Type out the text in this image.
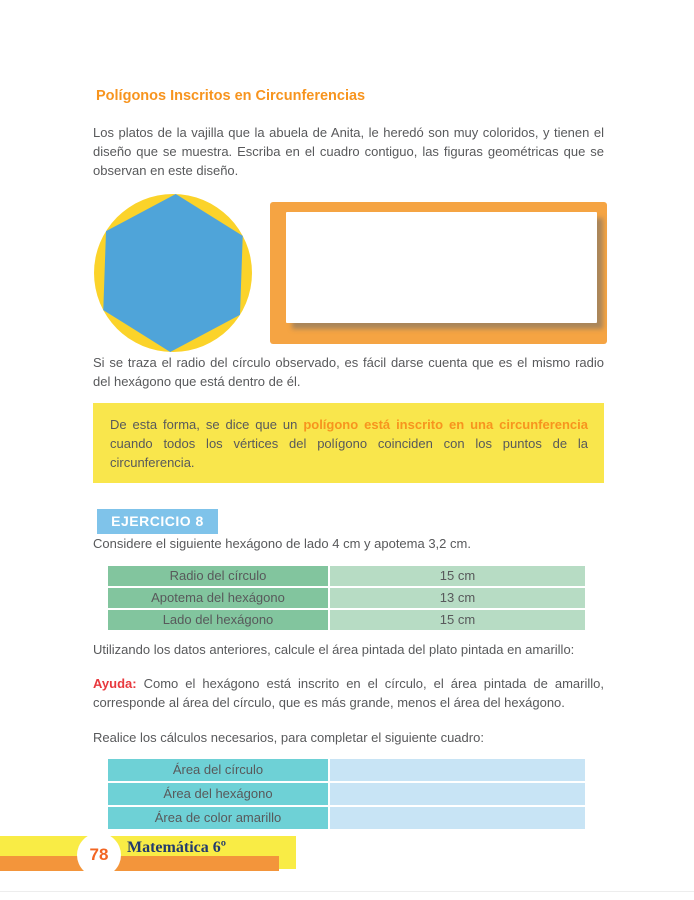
Polígonos Inscritos en Circunferencias

Los platos de la vajilla que la abuela de Anita, le heredó son muy coloridos, y tienen el diseño que se muestra. Escriba en el cuadro contiguo, las figuras geométricas que se observan en este diseño.

Si se traza el radio del círculo observado, es fácil darse cuenta que es el mismo radio del hexágono que está dentro de él.

De esta forma, se dice que un polígono está inscrito en una circunferencia cuando todos los vértices del polígono coinciden con los puntos de la circunferencia.
EJERCICIO 8

Considere el siguiente hexágono de lado 4 cm y apotema 3,2 cm.

Radio del círculo	15 cm
Apotema del hexágono	13 cm
Lado del hexágono	15 cm

Utilizando los datos anteriores, calcule el área pintada del plato pintada en amarillo:

Ayuda: Como el hexágono está inscrito en el círculo, el área pintada de amarillo, corresponde al área del círculo, que es más grande, menos el área del hexágono.

Realice los cálculos necesarios, para completar el siguiente cuadro:

Área del círculo
Área del hexágono
Área de color amarillo
78 Matemática 6º
